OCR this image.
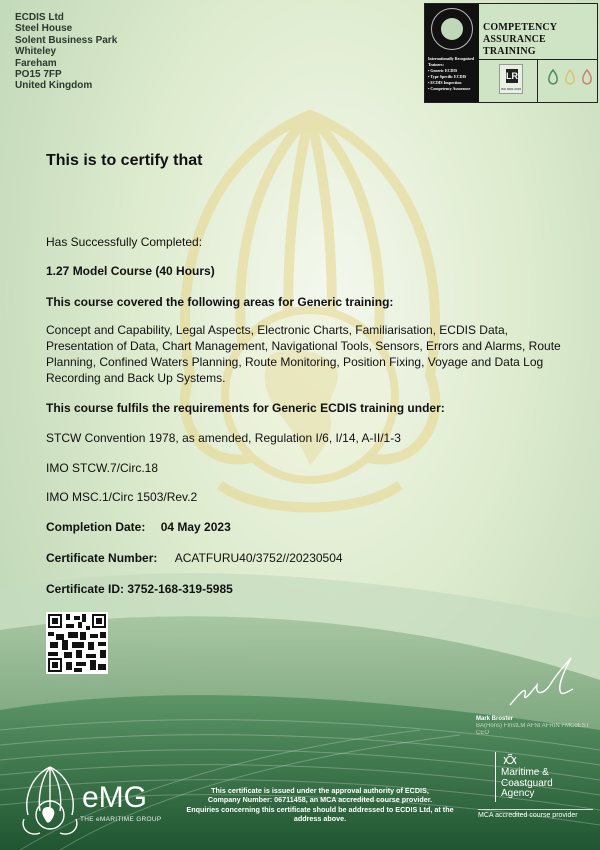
ECDIS Ltd
Steel House
Solent Business Park
Whiteley
Fareham
PO15 7FP
United Kingdom
Internationally Recognised Trainers:
• Generic ECDIS
• Type Specific ECDIS
• ECDIS Inspection
• Competency Assurance
COMPETENCY
ASSURANCE TRAINING
LR
ISO 9001:2015
This is to certify that
Has Successfully Completed:
1.27 Model Course (40 Hours)
This course covered the following areas for Generic training:
Concept and Capability, Legal Aspects, Electronic Charts, Familiarisation, ECDIS Data, Presentation of Data, Chart Management, Navigational Tools, Sensors, Errors and Alarms, Route Planning, Confined Waters Planning, Route Monitoring, Position Fixing, Voyage and Data Log Recording and Back Up Systems.
This course fulfils the requirements for Generic ECDIS training under:
STCW Convention 1978, as amended, Regulation I/6, I/14, A-II/1-3
IMO STCW.7/Circ.18
IMO MSC.1/Circ 1503/Rev.2
Completion Date: 04 May 2023
Certificate Number: ACATFURU40/3752//20230504
Certificate ID: 3752-168-319-5985
Mark Broster
BA(Hons) FInstLM AFNI AFRIN FMCoEST
CEO
This certificate is issued under the approval authority of ECDIS,
Company Number: 06711458, an MCA accredited course provider.
Enquiries concerning this certificate should be addressed to ECDIS Ltd, at the
address above.
Maritime &
Coastguard
Agency
MCA accredited course provider
eMG
THE eMARITIME GROUP
